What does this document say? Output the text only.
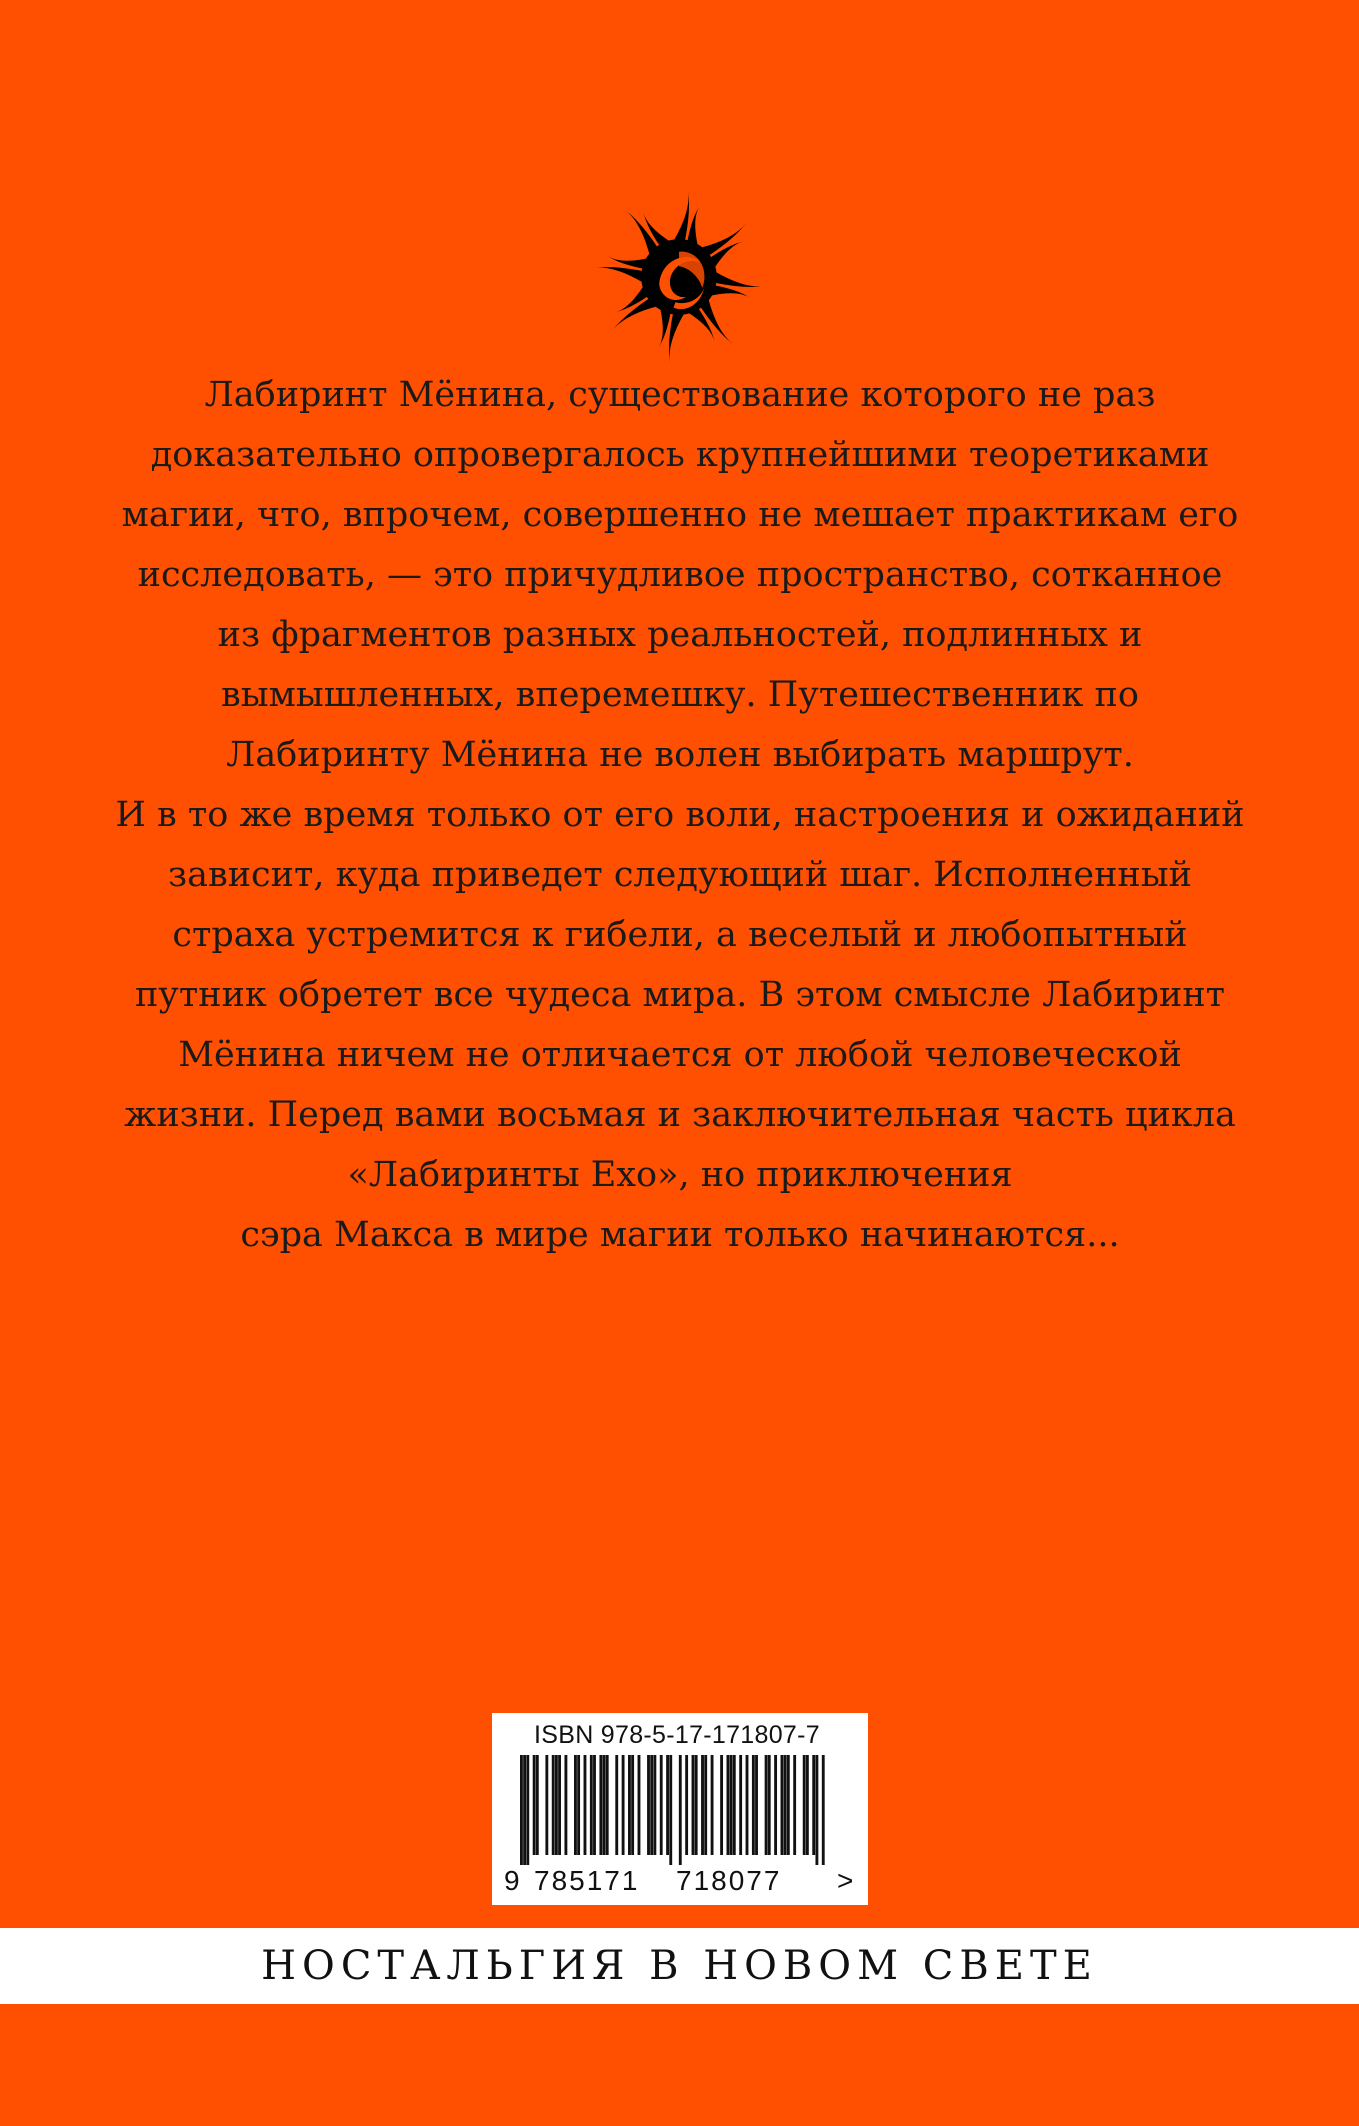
Лабиринт Мёнина, существование которого не раз
доказательно опровергалось крупнейшими теоретиками
магии, что, впрочем, совершенно не мешает практикам его
исследовать, — это причудливое пространство, сотканное
из фрагментов разных реальностей, подлинных и
вымышленных, вперемешку. Путешественник по
Лабиринту Мёнина не волен выбирать маршрут.
И в то же время только от его воли, настроения и ожиданий
зависит, куда приведет следующий шаг. Исполненный
страха устремится к гибели, а веселый и любопытный
путник обретет все чудеса мира. В этом смысле Лабиринт
Мёнина ничем не отличается от любой человеческой
жизни. Перед вами восьмая и заключительная часть цикла
«Лабиринты Ехо», но приключения
сэра Макса в мире магии только начинаются...
ISBN 978-5-17-171807-7
9 785171 718077 >
НОСТАЛЬГИЯ В НОВОМ СВЕТЕ
